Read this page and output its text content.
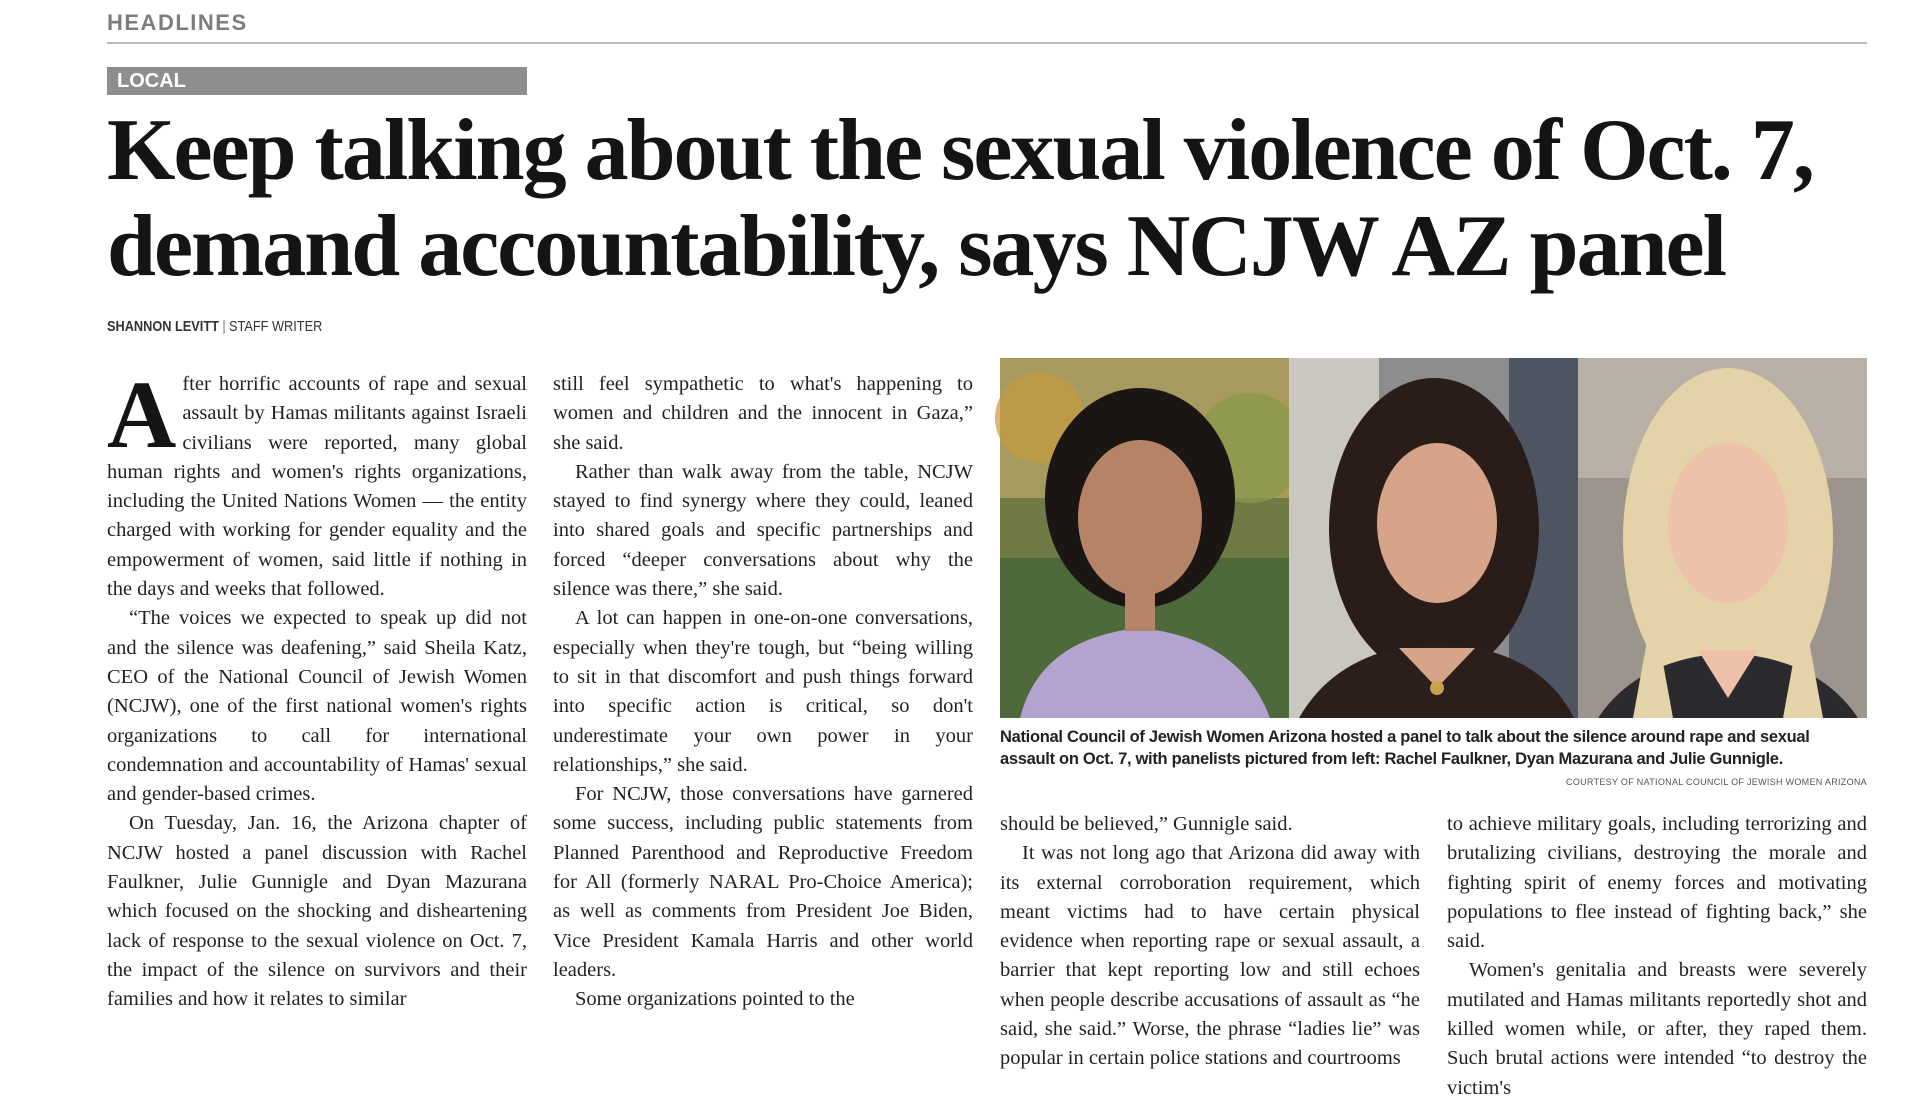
HEADLINES
LOCAL
Keep talking about the sexual violence of Oct. 7, demand accountability, says NCJW AZ panel
SHANNON LEVITT | STAFF WRITER

After horrific accounts of rape and sexual assault by Hamas militants against Israeli civilians were reported, many global human rights and women's rights organizations, including the United Nations Women — the entity charged with working for gender equality and the empowerment of women, said little if nothing in the days and weeks that followed.

“The voices we expected to speak up did not and the silence was deafening,” said Sheila Katz, CEO of the National Council of Jewish Women (NCJW), one of the first national women's rights organizations to call for international condemnation and accountability of Hamas' sexual and gender-based crimes.

On Tuesday, Jan. 16, the Arizona chapter of NCJW hosted a panel discussion with Rachel Faulkner, Julie Gunnigle and Dyan Mazurana which focused on the shocking and disheartening lack of response to the sexual violence on Oct. 7, the impact of the silence on survivors and their families and how it relates to similar

still feel sympathetic to what's happening to women and children and the innocent in Gaza,” she said.

Rather than walk away from the table, NCJW stayed to find synergy where they could, leaned into shared goals and specific partnerships and forced “deeper conversations about why the silence was there,” she said.

A lot can happen in one-on-one conversations, especially when they're tough, but “being willing to sit in that discomfort and push things forward into specific action is critical, so don't underestimate your own power in your relationships,” she said.

For NCJW, those conversations have garnered some success, including public statements from Planned Parenthood and Reproductive Freedom for All (formerly NARAL Pro-Choice America); as well as comments from President Joe Biden, Vice President Kamala Harris and other world leaders.

Some organizations pointed to the

National Council of Jewish Women Arizona hosted a panel to talk about the silence around rape and sexual assault on Oct. 7, with panelists pictured from left: Rachel Faulkner, Dyan Mazurana and Julie Gunnigle.
COURTESY OF NATIONAL COUNCIL OF JEWISH WOMEN ARIZONA

should be believed,” Gunnigle said.

It was not long ago that Arizona did away with its external corroboration requirement, which meant victims had to have certain physical evidence when reporting rape or sexual assault, a barrier that kept reporting low and still echoes when people describe accusations of assault as “he said, she said.” Worse, the phrase “ladies lie” was popular in certain police stations and courtrooms

to achieve military goals, including terrorizing and brutalizing civilians, destroying the morale and fighting spirit of enemy forces and motivating populations to flee instead of fighting back,” she said.

Women's genitalia and breasts were severely mutilated and Hamas militants reportedly shot and killed women while, or after, they raped them. Such brutal actions were intended “to destroy the victim's
